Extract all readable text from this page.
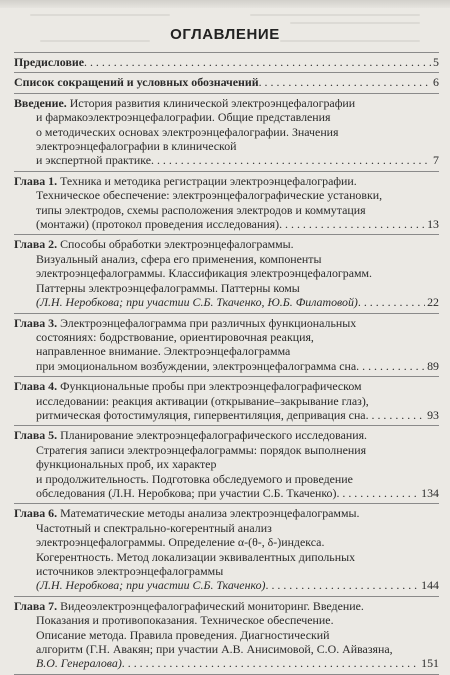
ОГЛАВЛЕНИЕ
Предисловие . . .	5
Список сокращений и условных обозначений . . .	6
Введение. История развития клинической электроэнцефалографии
и фармакоэлектроэнцефалографии. Общие представления
о методических основах электроэнцефалографии. Значения
электроэнцефалографии в клинической
и экспертной практике . . .	7
Глава 1. Техника и методика регистрации электроэнцефалографии.
Техническое обеспечение: электроэнцефалографические установки,
типы электродов, схемы расположения электродов и коммутация
(монтажи) (протокол проведения исследования) . . .	13
Глава 2. Способы обработки электроэнцефалограммы.
Визуальный анализ, сфера его применения, компоненты
электроэнцефалограммы. Классификация электроэнцефалограмм.
Паттерны электроэнцефалограммы. Паттерны комы
(Л.Н. Неробкова; при участии С.Б. Ткаченко, Ю.Б. Филатовой) . . .	22
Глава 3. Электроэнцефалограмма при различных функциональных
состояниях: бодрствование, ориентировочная реакция,
направленное внимание. Электроэнцефалограмма
при эмоциональном возбуждении, электроэнцефалограмма сна . . .	89
Глава 4. Функциональные пробы при электроэнцефалографическом
исследовании: реакция активации (открывание–закрывание глаз),
ритмическая фотостимуляция, гипервентиляция, депривация сна . . .	93
Глава 5. Планирование электроэнцефалографического исследования.
Стратегия записи электроэнцефалограммы: порядок выполнения
функциональных проб, их характер
и продолжительность. Подготовка обследуемого и проведение
обследования (Л.Н. Неробкова; при участии С.Б. Ткаченко) . . .	134
Глава 6. Математические методы анализа электроэнцефалограммы.
Частотный и спектрально-когерентный анализ
электроэнцефалограммы. Определение α-(θ-, δ-)индекса.
Когерентность. Метод локализации эквивалентных дипольных
источников электроэнцефалограммы
(Л.Н. Неробкова; при участии С.Б. Ткаченко) . . .	144
Глава 7. Видеоэлектроэнцефалографический мониторинг. Введение.
Показания и противопоказания. Техническое обеспечение.
Описание метода. Правила проведения. Диагностический
алгоритм (Г.Н. Авакян; при участии А.В. Анисимовой, С.О. Айвазяна,
В.О. Генералова) . . .	151
